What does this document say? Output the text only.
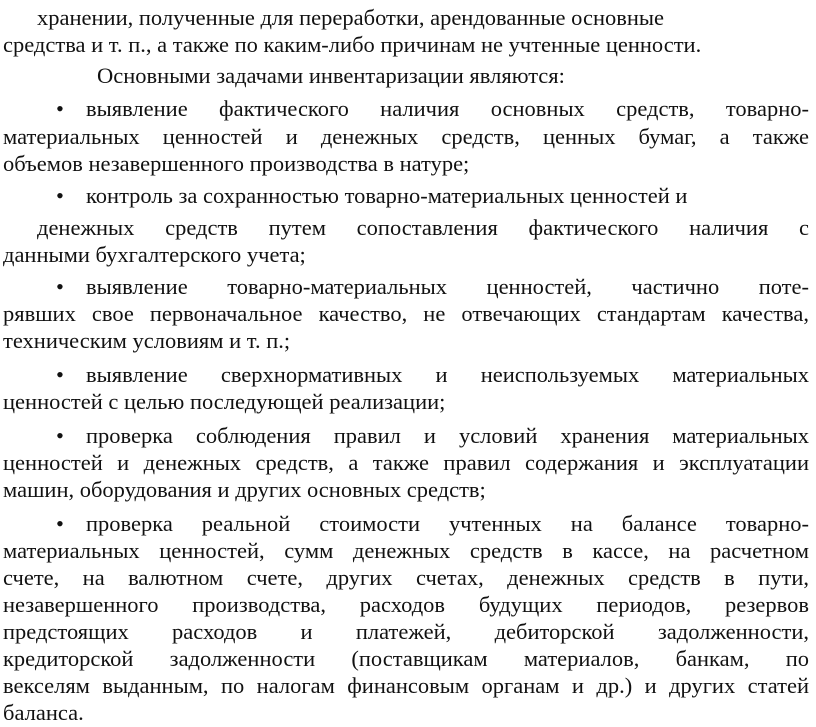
хранении, полученные для переработки, арендованные основные
средства и т. п., а также по каким-либо причинам не учтенные ценности.
Основными задачами инвентаризации являются:
• выявление фактического наличия основных средств, товарно-
материальных ценностей и денежных средств, ценных бумаг, а также
объемов незавершенного производства в натуре;
• контроль за сохранностью товарно-материальных ценностей и
денежных средств путем сопоставления фактического наличия с
данными бухгалтерского учета;
• выявление товарно-материальных ценностей, частично поте-
рявших свое первоначальное качество, не отвечающих стандартам качества,
техническим условиям и т. п.;
• выявление сверхнормативных и неиспользуемых материальных
ценностей с целью последующей реализации;
• проверка соблюдения правил и условий хранения материальных
ценностей и денежных средств, а также правил содержания и эксплуатации
машин, оборудования и других основных средств;
• проверка реальной стоимости учтенных на балансе товарно-
материальных ценностей, сумм денежных средств в кассе, на расчетном
счете, на валютном счете, других счетах, денежных средств в пути,
незавершенного производства, расходов будущих периодов, резервов
предстоящих расходов и платежей, дебиторской задолженности,
кредиторской задолженности (поставщикам материалов, банкам, по
векселям выданным, по налогам финансовым органам и др.) и других статей
баланса.
